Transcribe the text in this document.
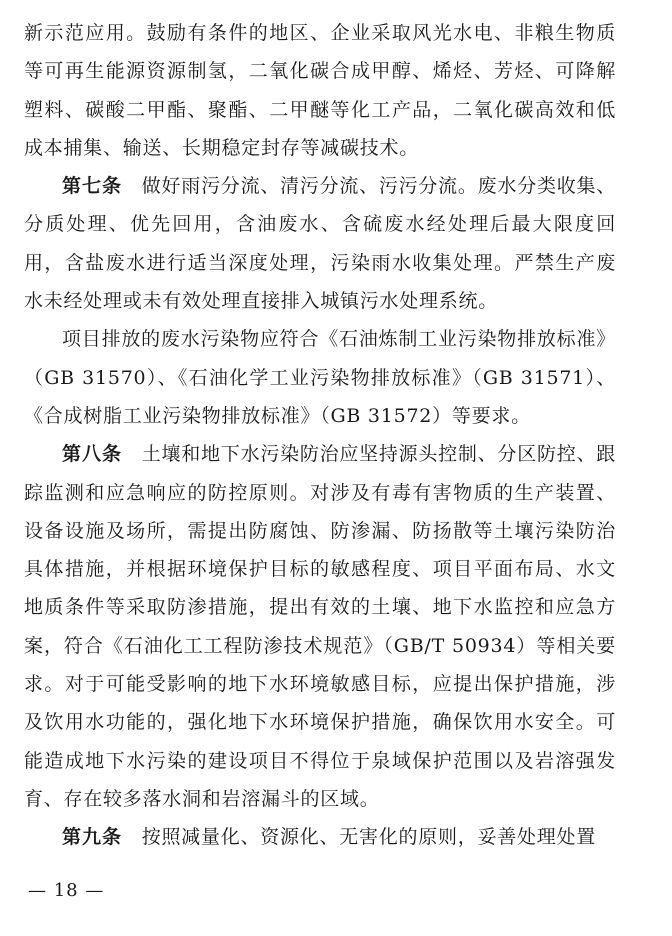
新示范应用。鼓励有条件的地区、企业采取风光水电、非粮生物质等可再生能源资源制氢，二氧化碳合成甲醇、烯烃、芳烃、可降解塑料、碳酸二甲酯、聚酯、二甲醚等化工产品，二氧化碳高效和低成本捕集、输送、长期稳定封存等减碳技术。

第七条  做好雨污分流、清污分流、污污分流。废水分类收集、分质处理、优先回用，含油废水、含硫废水经处理后最大限度回用，含盐废水进行适当深度处理，污染雨水收集处理。严禁生产废水未经处理或未有效处理直接排入城镇污水处理系统。

项目排放的废水污染物应符合《石油炼制工业污染物排放标准》（GB 31570）、《石油化学工业污染物排放标准》（GB 31571）、《合成树脂工业污染物排放标准》（GB 31572）等要求。

第八条  土壤和地下水污染防治应坚持源头控制、分区防控、跟踪监测和应急响应的防控原则。对涉及有毒有害物质的生产装置、设备设施及场所，需提出防腐蚀、防渗漏、防扬散等土壤污染防治具体措施，并根据环境保护目标的敏感程度、项目平面布局、水文地质条件等采取防渗措施，提出有效的土壤、地下水监控和应急方案，符合《石油化工工程防渗技术规范》（GB/T 50934）等相关要求。对于可能受影响的地下水环境敏感目标，应提出保护措施，涉及饮用水功能的，强化地下水环境保护措施，确保饮用水安全。可能造成地下水污染的建设项目不得位于泉域保护范围以及岩溶强发育、存在较多落水洞和岩溶漏斗的区域。

第九条  按照减量化、资源化、无害化的原则，妥善处理处置

— 18 —
